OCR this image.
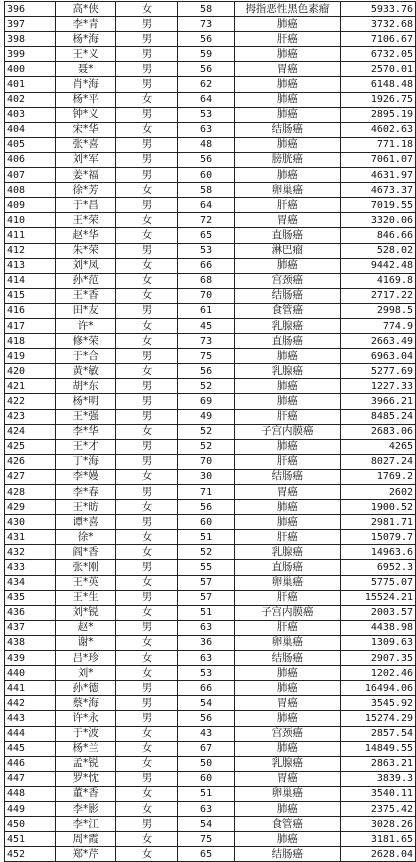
396	高*侠	女	58	拇指恶性黑色素瘤	5933.76
397	李*青	男	73	肺癌	3732.68
398	杨*海	男	56	肝癌	7106.67
399	王*义	男	59	肺癌	6732.05
400	聂*	男	56	胃癌	2570.01
401	肖*海	男	62	肺癌	6148.48
402	杨*平	女	64	肺癌	1926.75
403	钟*义	男	53	肺癌	2895.19
404	宋*华	女	63	结肠癌	4602.63
405	张*喜	男	48	肺癌	771.18
406	刘*军	男	56	膀胱癌	7061.07
407	姜*福	男	60	肺癌	4631.97
408	徐*芳	女	58	卵巢癌	4673.37
409	于*昌	男	64	肝癌	7019.55
410	王*荣	女	72	胃癌	3320.06
411	赵*华	女	65	直肠癌	846.66
412	朱*荣	男	53	淋巴瘤	528.02
413	刘*凤	女	66	肺癌	9442.48
414	孙*范	女	68	宫颈癌	4169.8
415	王*香	女	70	结肠癌	2717.22
416	田*友	男	61	食管癌	2998.5
417	许*	女	45	乳腺癌	774.9
418	修*荣	女	73	直肠癌	2663.49
419	于*合	男	75	肺癌	6963.04
420	黄*敏	女	56	乳腺癌	5277.69
421	胡*东	男	52	肺癌	1227.33
422	杨*明	男	69	肺癌	3966.21
423	王*强	男	49	肝癌	8485.24
424	李*华	女	52	子宫内膜癌	2683.06
425	王*才	男	52	肺癌	4265
426	丁*海	男	70	肝癌	8027.24
427	李*嫚	女	30	结肠癌	1769.2
428	李*春	男	71	胃癌	2602
429	王*昉	女	56	肺癌	1900.52
430	谭*喜	男	60	肺癌	2981.71
431	徐*	女	51	肝癌	15079.7
432	阎*香	女	52	乳腺癌	14963.6
433	张*刚	男	55	直肠癌	6952.3
434	王*英	女	57	卵巢癌	5775.07
435	王*生	男	57	肝癌	15524.21
436	刘*锐	女	51	子宫内膜癌	2003.57
437	赵*	男	63	肝癌	4438.98
438	谢*	女	36	卵巢癌	1309.63
439	吕*珍	女	63	结肠癌	2907.35
440	刘*	女	53	肺癌	1202.46
441	孙*德	男	66	肺癌	16494.06
442	蔡*海	男	54	胃癌	3545.92
443	许*永	男	56	肺癌	15274.29
444	于*波	女	43	宫颈癌	2857.54
445	杨*兰	女	67	肺癌	14849.55
446	孟*锐	女	50	乳腺癌	2863.21
447	罗*忱	男	60	胃癌	3839.3
448	董*香	女	51	卵巢癌	3540.11
449	李*影	女	63	肺癌	2375.42
450	李*江	男	54	食管癌	3028.26
451	周*霞	女	75	肺癌	3181.65
452	郑*芹	女	65	结肠癌	2628.04
